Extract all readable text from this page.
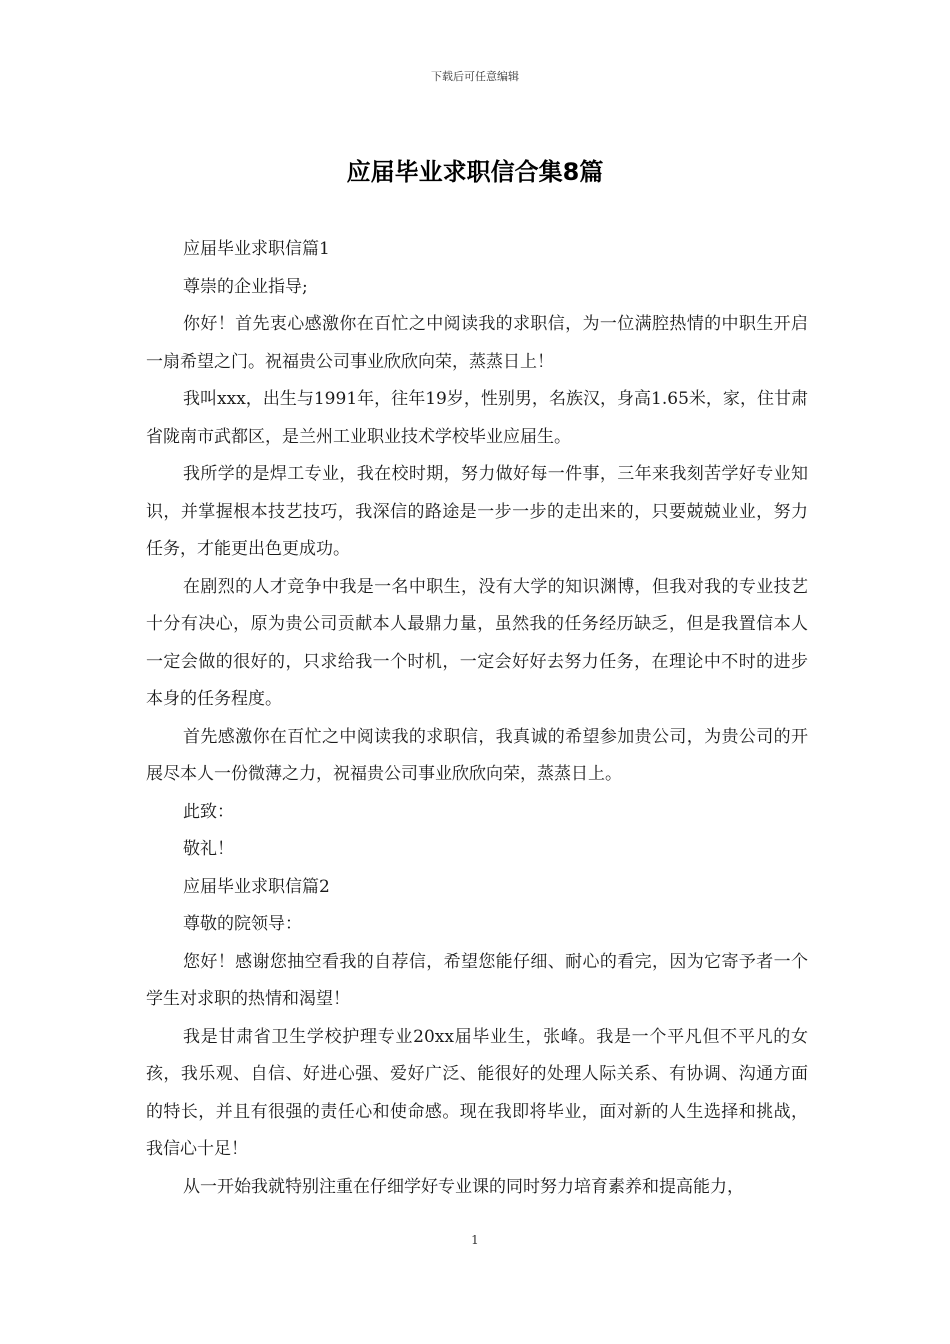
下载后可任意编辑
应届毕业求职信合集8篇

应届毕业求职信篇1

尊崇的企业指导;

你好！首先衷心感激你在百忙之中阅读我的求职信，为一位满腔热情的中职生开启一扇希望之门。祝福贵公司事业欣欣向荣，蒸蒸日上！

我叫xxx，出生与1991年，往年19岁，性别男，名族汉，身高1.65米，家，住甘肃省陇南市武都区，是兰州工业职业技术学校毕业应届生。

我所学的是焊工专业，我在校时期，努力做好每一件事，三年来我刻苦学好专业知识，并掌握根本技艺技巧，我深信的路途是一步一步的走出来的，只要兢兢业业，努力任务，才能更出色更成功。

在剧烈的人才竞争中我是一名中职生，没有大学的知识渊博，但我对我的专业技艺十分有决心，原为贵公司贡献本人最鼎力量，虽然我的任务经历缺乏，但是我置信本人一定会做的很好的，只求给我一个时机，一定会好好去努力任务，在理论中不时的进步本身的任务程度。

首先感激你在百忙之中阅读我的求职信，我真诚的希望参加贵公司，为贵公司的开展尽本人一份微薄之力，祝福贵公司事业欣欣向荣，蒸蒸日上。

此致：

敬礼！

应届毕业求职信篇2

尊敬的院领导：

您好！感谢您抽空看我的自荐信，希望您能仔细、耐心的看完，因为它寄予者一个学生对求职的热情和渴望！

我是甘肃省卫生学校护理专业20xx届毕业生，张峰。我是一个平凡但不平凡的女孩，我乐观、自信、好进心强、爱好广泛、能很好的处理人际关系、有协调、沟通方面的特长，并且有很强的责任心和使命感。现在我即将毕业，面对新的人生选择和挑战，我信心十足！

从一开始我就特别注重在仔细学好专业课的同时努力培育素养和提高能力，

1
